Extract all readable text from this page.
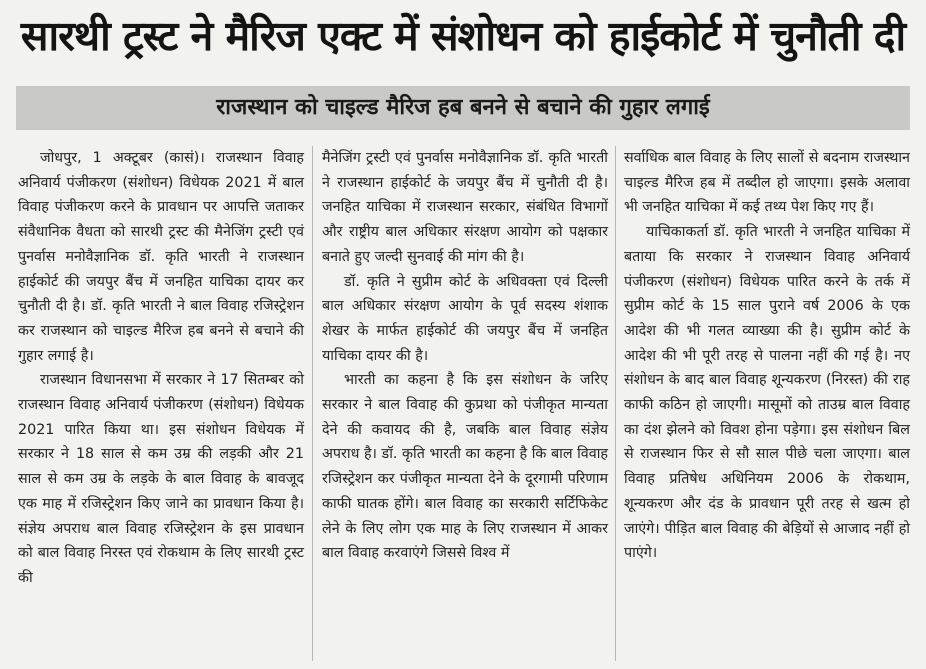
सारथी ट्रस्ट ने मैरिज एक्ट में संशोधन को हाईकोर्ट में चुनौती दी
राजस्थान को चाइल्ड मैरिज हब बनने से बचाने की गुहार लगाई

जोधपुर, 1 अक्टूबर (कासं)। राजस्थान विवाह अनिवार्य पंजीकरण (संशोधन) विधेयक 2021 में बाल विवाह पंजीकरण करने के प्रावधान पर आपत्ति जताकर संवैधानिक वैधता को सारथी ट्रस्ट की मैनेजिंग ट्रस्टी एवं पुनर्वास मनोवैज्ञानिक डॉ. कृति भारती ने राजस्थान हाईकोर्ट की जयपुर बैंच में जनहित याचिका दायर कर चुनौती दी है। डॉ. कृति भारती ने बाल विवाह रजिस्ट्रेशन कर राजस्थान को चाइल्ड मैरिज हब बनने से बचाने की गुहार लगाई है।

राजस्थान विधानसभा में सरकार ने 17 सितम्बर को राजस्थान विवाह अनिवार्य पंजीकरण (संशोधन) विधेयक 2021 पारित किया था। इस संशोधन विधेयक में सरकार ने 18 साल से कम उम्र की लड़की और 21 साल से कम उम्र के लड़के के बाल विवाह के बावजूद एक माह में रजिस्ट्रेशन किए जाने का प्रावधान किया है। संज्ञेय अपराध बाल विवाह रजिस्ट्रेशन के इस प्रावधान को बाल विवाह निरस्त एवं रोकथाम के लिए सारथी ट्रस्ट की

मैनेजिंग ट्रस्टी एवं पुनर्वास मनोवैज्ञानिक डॉ. कृति भारती ने राजस्थान हाईकोर्ट के जयपुर बैंच में चुनौती दी है। जनहित याचिका में राजस्थान सरकार, संबंधित विभागों और राष्ट्रीय बाल अधिकार संरक्षण आयोग को पक्षकार बनाते हुए जल्दी सुनवाई की मांग की है।

डॉ. कृति ने सुप्रीम कोर्ट के अधिवक्ता एवं दिल्ली बाल अधिकार संरक्षण आयोग के पूर्व सदस्य शंशाक शेखर के मार्फत हाईकोर्ट की जयपुर बैंच में जनहित याचिका दायर की है।

भारती का कहना है कि इस संशोधन के जरिए सरकार ने बाल विवाह की कुप्रथा को पंजीकृत मान्यता देने की कवायद की है, जबकि बाल विवाह संज्ञेय अपराध है। डॉ. कृति भारती का कहना है कि बाल विवाह रजिस्ट्रेशन कर पंजीकृत मान्यता देने के दूरगामी परिणाम काफी घातक होंगे। बाल विवाह का सरकारी सर्टिफिकेट लेने के लिए लोग एक माह के लिए राजस्थान में आकर बाल विवाह करवाएंगे जिससे विश्व में

सर्वाधिक बाल विवाह के लिए सालों से बदनाम राजस्थान चाइल्ड मैरिज हब में तब्दील हो जाएगा। इसके अलावा भी जनहित याचिका में कई तथ्य पेश किए गए हैं।

याचिकाकर्ता डॉ. कृति भारती ने जनहित याचिका में बताया कि सरकार ने राजस्थान विवाह अनिवार्य पंजीकरण (संशोधन) विधेयक पारित करने के तर्क में सुप्रीम कोर्ट के 15 साल पुराने वर्ष 2006 के एक आदेश की भी गलत व्याख्या की है। सुप्रीम कोर्ट के आदेश की भी पूरी तरह से पालना नहीं की गई है। नए संशोधन के बाद बाल विवाह शून्यकरण (निरस्त) की राह काफी कठिन हो जाएगी। मासूमों को ताउम्र बाल विवाह का दंश झेलने को विवश होना पड़ेगा। इस संशोधन बिल से राजस्थान फिर से सौ साल पीछे चला जाएगा। बाल विवाह प्रतिषेध अधिनियम 2006 के रोकथाम, शून्यकरण और दंड के प्रावधान पूरी तरह से खत्म हो जाएंगे। पीड़ित बाल विवाह की बेड़ियों से आजाद नहीं हो पाएंगे।
